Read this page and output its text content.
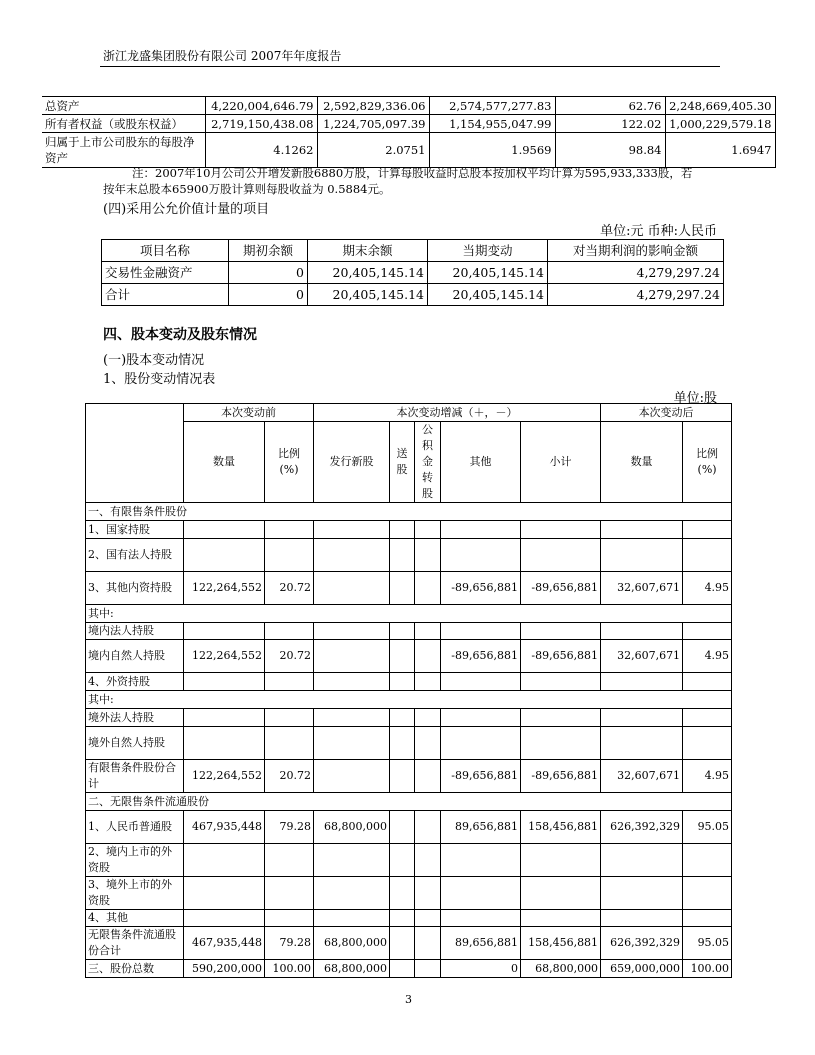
浙江龙盛集团股份有限公司 2007年年度报告
总资产	4,220,004,646.79	2,592,829,336.06	2,574,577,277.83	62.76	2,248,669,405.30
所有者权益（或股东权益）	2,719,150,438.08	1,224,705,097.39	1,154,955,047.99	122.02	1,000,229,579.18
归属于上市公司股东的每股净资产	4.1262	2.0751	1.9569	98.84	1.6947
注：2007年10月公司公开增发新股6880万股，计算每股收益时总股本按加权平均计算为595,933,333股，若
按年末总股本65900万股计算则每股收益为 0.5884元。
(四)采用公允价值计量的项目
单位:元 币种:人民币
项目名称	期初余额	期末余额	当期变动	对当期利润的影响金额
交易性金融资产	0	20,405,145.14	20,405,145.14	4,279,297.24
合计	0	20,405,145.14	20,405,145.14	4,279,297.24
四、股本变动及股东情况
(一)股本变动情况
1、股份变动情况表
单位:股
	本次变动前		本次变动增减（＋，－）					本次变动后	
	数量	比例(%)	发行新股	送股	公积金转股	其他	小计	数量	比例(%)
一、有限售条件股份									
1、国家持股									
2、国有法人持股									
3、其他内资持股	122,264,552	20.72				-89,656,881	-89,656,881	32,607,671	4.95
其中:									
境内法人持股									
境内自然人持股	122,264,552	20.72				-89,656,881	-89,656,881	32,607,671	4.95
4、外资持股									
其中:									
境外法人持股									
境外自然人持股									
有限售条件股份合计	122,264,552	20.72				-89,656,881	-89,656,881	32,607,671	4.95
二、无限售条件流通股份									
1、人民币普通股	467,935,448	79.28	68,800,000			89,656,881	158,456,881	626,392,329	95.05
2、境内上市的外资股									
3、境外上市的外资股									
4、其他									
无限售条件流通股份合计	467,935,448	79.28	68,800,000			89,656,881	158,456,881	626,392,329	95.05
三、股份总数	590,200,000	100.00	68,800,000			0	68,800,000	659,000,000	100.00
3
